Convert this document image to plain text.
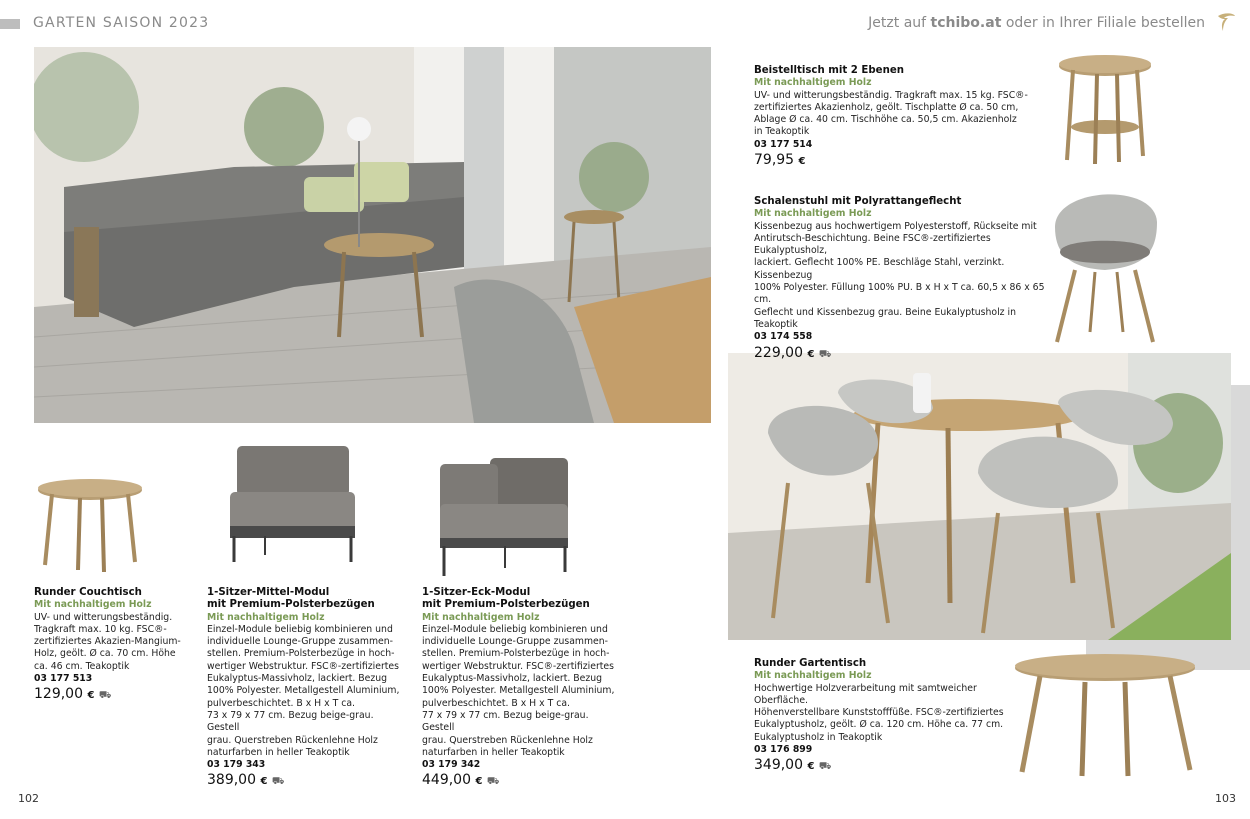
GARTEN SAISON 2023	Jetzt auf tchibo.at oder in Ihrer Filiale bestellen
Runder Couchtisch
Mit nachhaltigem Holz
UV- und witterungsbeständig.
Tragkraft max. 10 kg. FSC®-
zertifiziertes Akazien-Mangium-
Holz, geölt. Ø ca. 70 cm. Höhe
ca. 46 cm. Teakoptik
03 177 513
129,00 € ⛟
1-Sitzer-Mittel-Modul
mit Premium-Polsterbezügen
Mit nachhaltigem Holz
Einzel-Module beliebig kombinieren und
individuelle Lounge-Gruppe zusammen-
stellen. Premium-Polsterbezüge in hoch-
wertiger Webstruktur. FSC®-zertifiziertes
Eukalyptus-Massivholz, lackiert. Bezug
100% Polyester. Metallgestell Aluminium,
pulverbeschichtet. B x H x T ca.
73 x 79 x 77 cm. Bezug beige-grau. Gestell
grau. Querstreben Rückenlehne Holz
naturfarben in heller Teakoptik
03 179 343
389,00 € ⛟
1-Sitzer-Eck-Modul
mit Premium-Polsterbezügen
Mit nachhaltigem Holz
Einzel-Module beliebig kombinieren und
individuelle Lounge-Gruppe zusammen-
stellen. Premium-Polsterbezüge in hoch-
wertiger Webstruktur. FSC®-zertifiziertes
Eukalyptus-Massivholz, lackiert. Bezug
100% Polyester. Metallgestell Aluminium,
pulverbeschichtet. B x H x T ca.
77 x 79 x 77 cm. Bezug beige-grau. Gestell
grau. Querstreben Rückenlehne Holz
naturfarben in heller Teakoptik
03 179 342
449,00 € ⛟
Beistelltisch mit 2 Ebenen
Mit nachhaltigem Holz
UV- und witterungsbeständig. Tragkraft max. 15 kg. FSC®-
zertifiziertes Akazienholz, geölt. Tischplatte Ø ca. 50 cm,
Ablage Ø ca. 40 cm. Tischhöhe ca. 50,5 cm. Akazienholz
in Teakoptik
03 177 514
79,95 €
Schalenstuhl mit Polyrattangeflecht
Mit nachhaltigem Holz
Kissenbezug aus hochwertigem Polyesterstoff, Rückseite mit
Antirutsch-Beschichtung. Beine FSC®-zertifiziertes Eukalyptusholz,
lackiert. Geflecht 100% PE. Beschläge Stahl, verzinkt. Kissenbezug
100% Polyester. Füllung 100% PU. B x H x T ca. 60,5 x 86 x 65 cm.
Geflecht und Kissenbezug grau. Beine Eukalyptusholz in Teakoptik
03 174 558
229,00 € ⛟
Runder Gartentisch
Mit nachhaltigem Holz
Hochwertige Holzverarbeitung mit samtweicher Oberfläche.
Höhenverstellbare Kunststofffüße. FSC®-zertifiziertes
Eukalyptusholz, geölt. Ø ca. 120 cm. Höhe ca. 77 cm.
Eukalyptusholz in Teakoptik
03 176 899
349,00 € ⛟
102	103
